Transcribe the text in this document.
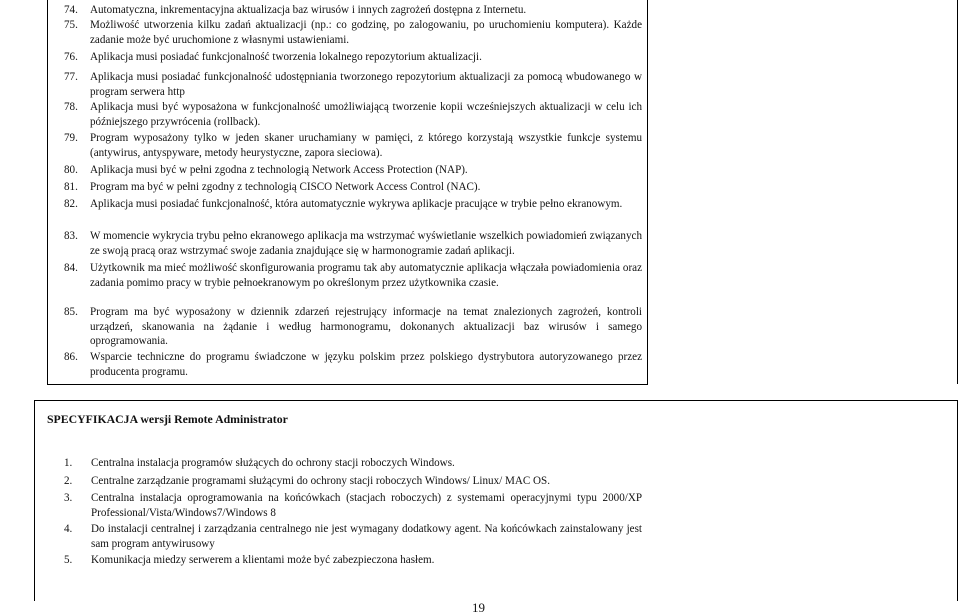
74. Automatyczna, inkrementacyjna aktualizacja baz wirusów i innych zagrożeń dostępna z Internetu.
75. Możliwość utworzenia kilku zadań aktualizacji (np.: co godzinę, po zalogowaniu, po uruchomieniu komputera). Każde zadanie może być uruchomione z własnymi ustawieniami.
76. Aplikacja musi posiadać funkcjonalność tworzenia lokalnego repozytorium aktualizacji.
77. Aplikacja musi posiadać funkcjonalność udostępniania tworzonego repozytorium aktualizacji za pomocą wbudowanego w program serwera http
78. Aplikacja musi być wyposażona w funkcjonalność umożliwiającą tworzenie kopii wcześniejszych aktualizacji w celu ich późniejszego przywrócenia (rollback).
79. Program wyposażony tylko w jeden skaner uruchamiany w pamięci, z którego korzystają wszystkie funkcje systemu (antywirus, antyspyware, metody heurystyczne, zapora sieciowa).
80. Aplikacja musi być w pełni zgodna z technologią Network Access Protection (NAP).
81. Program ma być w pełni zgodny z technologią CISCO Network Access Control (NAC).
82. Aplikacja musi posiadać funkcjonalność, która automatycznie wykrywa aplikacje pracujące w trybie pełno ekranowym.
83. W momencie wykrycia trybu pełno ekranowego aplikacja ma wstrzymać wyświetlanie wszelkich powiadomień związanych ze swoją pracą oraz wstrzymać swoje zadania znajdujące się w harmonogramie zadań aplikacji.
84. Użytkownik ma mieć możliwość skonfigurowania programu tak aby automatycznie aplikacja włączała powiadomienia oraz zadania pomimo pracy w trybie pełnoekranowym po określonym przez użytkownika czasie.
85. Program ma być wyposażony w dziennik zdarzeń rejestrujący informacje na temat znalezionych zagrożeń, kontroli urządzeń, skanowania na żądanie i według harmonogramu, dokonanych aktualizacji baz wirusów i samego oprogramowania.
86. Wsparcie techniczne do programu świadczone w języku polskim przez polskiego dystrybutora autoryzowanego przez producenta programu.
SPECYFIKACJA wersji Remote Administrator
1. Centralna instalacja programów służących do ochrony stacji roboczych Windows.
2. Centralne zarządzanie programami służącymi do ochrony stacji roboczych Windows/ Linux/ MAC OS.
3. Centralna instalacja oprogramowania na końcówkach (stacjach roboczych) z systemami operacyjnymi typu 2000/XP Professional/Vista/Windows7/Windows 8
4. Do instalacji centralnej i zarządzania centralnego nie jest wymagany dodatkowy agent. Na końcówkach zainstalowany jest sam program antywirusowy
5. Komunikacja miedzy serwerem a klientami może być zabezpieczona hasłem.
19
